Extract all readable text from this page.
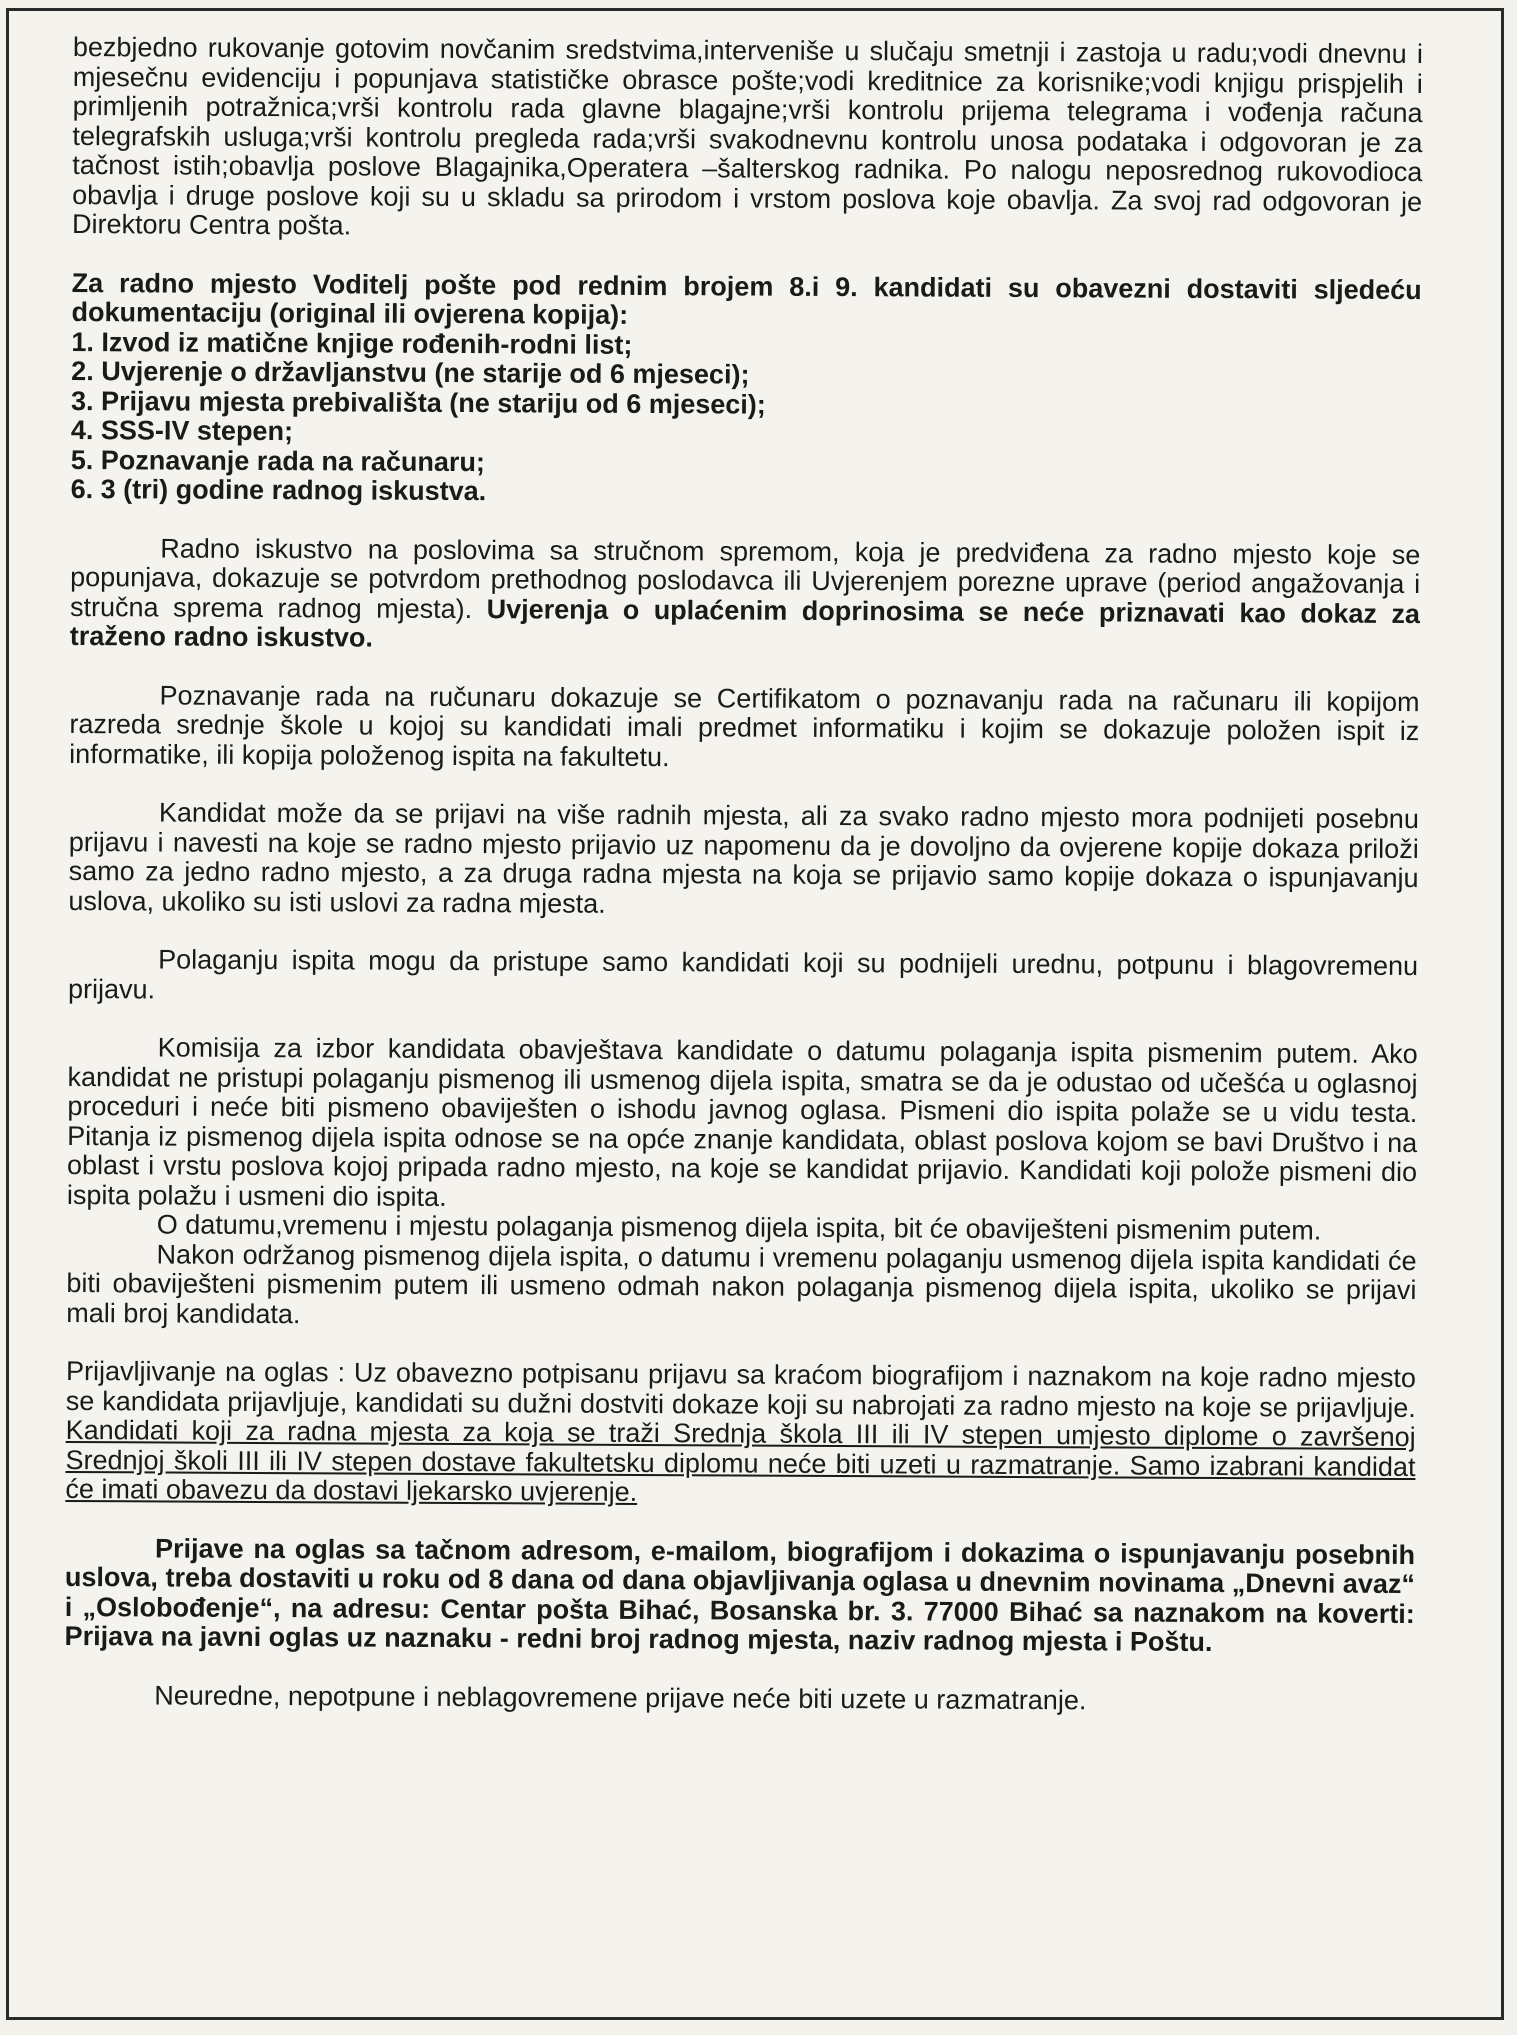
bezbjedno rukovanje gotovim novčanim sredstvima,interveniše u slučaju smetnji i zastoja u radu;vodi dnevnu i mjesečnu evidenciju i popunjava statističke obrasce pošte;vodi kreditnice za korisnike;vodi knjigu prispjelih i primljenih potražnica;vrši kontrolu rada glavne blagajne;vrši kontrolu prijema telegrama i vođenja računa telegrafskih usluga;vrši kontrolu pregleda rada;vrši svakodnevnu kontrolu unosa podataka i odgovoran je za tačnost istih;obavlja poslove Blagajnika,Operatera –šalterskog radnika. Po nalogu neposrednog rukovodioca obavlja i druge poslove koji su u skladu sa prirodom i vrstom poslova koje obavlja. Za svoj rad odgovoran je Direktoru Centra pošta.

Za radno mjesto Voditelj pošte pod rednim brojem 8.i 9. kandidati su obavezni dostaviti sljedeću dokumentaciju (original ili ovjerena kopija):

1. Izvod iz matične knjige rođenih-rodni list;
2. Uvjerenje o državljanstvu (ne starije od 6 mjeseci);
3. Prijavu mjesta prebivališta (ne stariju od 6 mjeseci);
4. SSS-IV stepen;
5. Poznavanje rada na računaru;
6. 3 (tri) godine radnog iskustva.

Radno iskustvo na poslovima sa stručnom spremom, koja je predviđena za radno mjesto koje se popunjava, dokazuje se potvrdom prethodnog poslodavca ili Uvjerenjem porezne uprave (period angažovanja i stručna sprema radnog mjesta). Uvjerenja o uplaćenim doprinosima se neće priznavati kao dokaz za traženo radno iskustvo.

Poznavanje rada na ručunaru dokazuje se Certifikatom o poznavanju rada na računaru ili kopijom razreda srednje škole u kojoj su kandidati imali predmet informatiku i kojim se dokazuje položen ispit iz informatike, ili kopija položenog ispita na fakultetu.

Kandidat može da se prijavi na više radnih mjesta, ali za svako radno mjesto mora podnijeti posebnu prijavu i navesti na koje se radno mjesto prijavio uz napomenu da je dovoljno da ovjerene kopije dokaza priloži samo za jedno radno mjesto, a za druga radna mjesta na koja se prijavio samo kopije dokaza o ispunjavanju uslova, ukoliko su isti uslovi za radna mjesta.

Polaganju ispita mogu da pristupe samo kandidati koji su podnijeli urednu, potpunu i blagovremenu prijavu.

Komisija za izbor kandidata obavještava kandidate o datumu polaganja ispita pismenim putem. Ako kandidat ne pristupi polaganju pismenog ili usmenog dijela ispita, smatra se da je odustao od učešća u oglasnoj proceduri i neće biti pismeno obaviješten o ishodu javnog oglasa. Pismeni dio ispita polaže se u vidu testa. Pitanja iz pismenog dijela ispita odnose se na opće znanje kandidata, oblast poslova kojom se bavi Društvo i na oblast i vrstu poslova kojoj pripada radno mjesto, na koje se kandidat prijavio. Kandidati koji polože pismeni dio ispita polažu i usmeni dio ispita.

O datumu,vremenu i mjestu polaganja pismenog dijela ispita, bit će obaviješteni pismenim putem.

Nakon održanog pismenog dijela ispita, o datumu i vremenu polaganju usmenog dijela ispita kandidati će biti obaviješteni pismenim putem ili usmeno odmah nakon polaganja pismenog dijela ispita, ukoliko se prijavi mali broj kandidata.

Prijavljivanje na oglas : Uz obavezno potpisanu prijavu sa kraćom biografijom i naznakom na koje radno mjesto se kandidata prijavljuje, kandidati su dužni dostviti dokaze koji su nabrojati za radno mjesto na koje se prijavljuje. Kandidati koji za radna mjesta za koja se traži Srednja škola III ili IV stepen umjesto diplome o završenoj Srednjoj školi III ili IV stepen dostave fakultetsku diplomu neće biti uzeti u razmatranje. Samo izabrani kandidat će imati obavezu da dostavi ljekarsko uvjerenje.

Prijave na oglas sa tačnom adresom, e-mailom, biografijom i dokazima o ispunjavanju posebnih uslova, treba dostaviti u roku od 8 dana od dana objavljivanja oglasa u dnevnim novinama „Dnevni avaz“ i „Oslobođenje“, na adresu: Centar pošta Bihać, Bosanska br. 3. 77000 Bihać sa naznakom na koverti: Prijava na javni oglas uz naznaku - redni broj radnog mjesta, naziv radnog mjesta i Poštu.

Neuredne, nepotpune i neblagovremene prijave neće biti uzete u razmatranje.
